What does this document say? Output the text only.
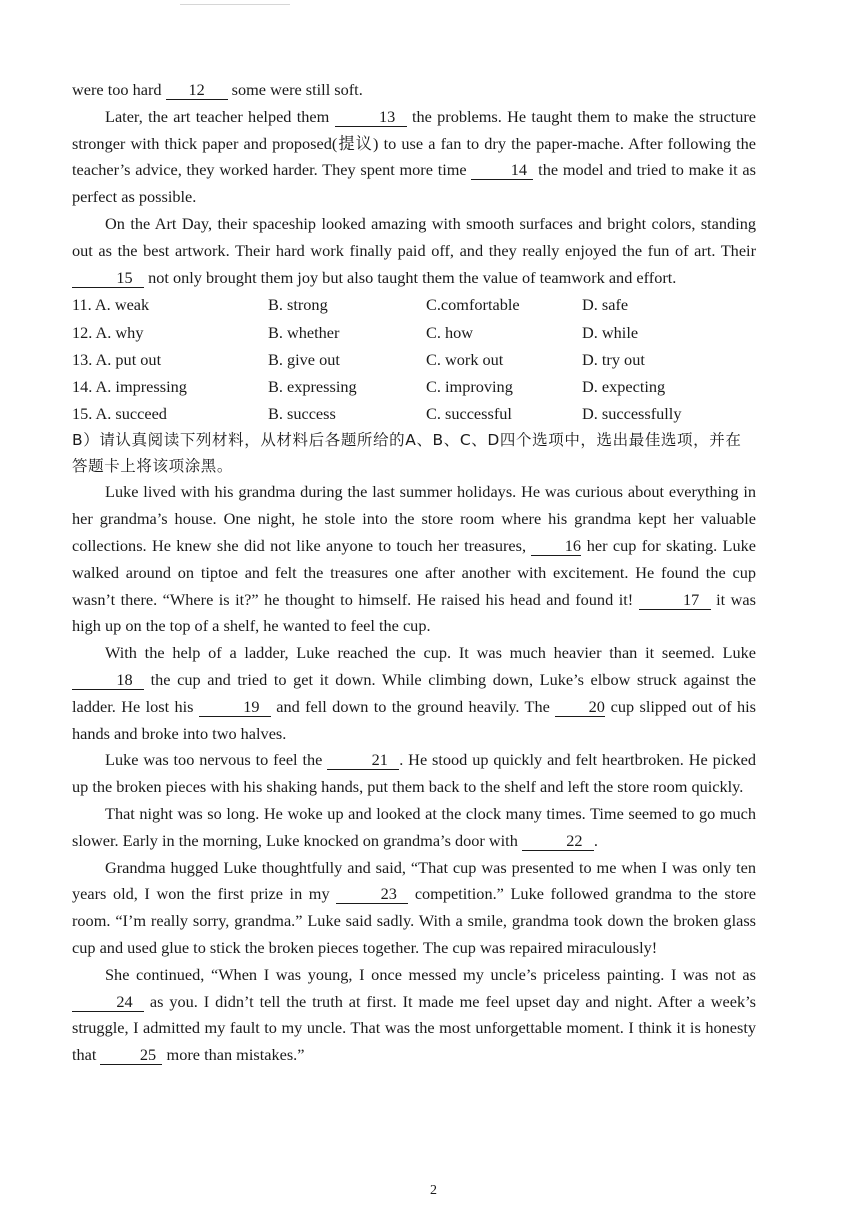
were too hard 12 some were still soft.

Later, the art teacher helped them	13 the problems. He taught them to make the structure stronger with thick paper and proposed(提议) to use a fan to dry the paper-mache. After following the teacher’s advice, they worked harder. They spent more time 14 the model and tried to make it as perfect as possible.

On the Art Day, their spaceship looked amazing with smooth surfaces and bright colors, standing out as the best artwork. Their hard work finally paid off, and they really enjoyed the fun of art. Their 15 not only brought them joy but also taught them the value of teamwork and effort.

11. A. weak	B. strong	C.comfortable	D. safe
12. A. why	B. whether	C. how	D. while
13. A. put out	B. give out	C. work out	D. try out
14. A. impressing	B. expressing	C. improving	D. expecting
15. A. succeed	B. success	C. successful	D. successfully

B）请认真阅读下列材料，从材料后各题所给的A、B、C、D四个选项中，选出最佳选项，并在答题卡上将该项涂黑。

Luke lived with his grandma during the last summer holidays. He was curious about everything in her grandma’s house. One night, he stole into the store room where his grandma kept her valuable collections. He knew she did not like anyone to touch her treasures, 16 her cup for skating. Luke walked around on tiptoe and felt the treasures one after another with excitement. He found the cup wasn’t there. “Where is it?” he thought to himself. He raised his head and found it!	17 it was high up on the top of a shelf, he wanted to feel the cup.

With the help of a ladder, Luke reached the cup. It was much heavier than it seemed. Luke 18 the cup and tried to get it down. While climbing down, Luke’s elbow struck against the ladder. He lost his	19 and fell down to the ground heavily. The 20 cup slipped out of his hands and broke into two halves.

Luke was too nervous to feel the	21 . He stood up quickly and felt heartbroken. He picked up the broken pieces with his shaking hands, put them back to the shelf and left the store room quickly.

That night was so long. He woke up and looked at the clock many times. Time seemed to go much slower. Early in the morning, Luke knocked on grandma’s door with	22 .

Grandma hugged Luke thoughtfully and said, “That cup was presented to me when I was only ten years old, I won the first prize in my	23 competition.” Luke followed grandma to the store room. “I’m really sorry, grandma.” Luke said sadly. With a smile, grandma took down the broken glass cup and used glue to stick the broken pieces together. The cup was repaired miraculously!

She continued, “When I was young, I once messed my uncle’s priceless painting. I was not as 24 as you. I didn’t tell the truth at first. It made me feel upset day and night. After a week’s struggle, I admitted my fault to my uncle. That was the most unforgettable moment. I think it is honesty that 25 more than mistakes.”

2
